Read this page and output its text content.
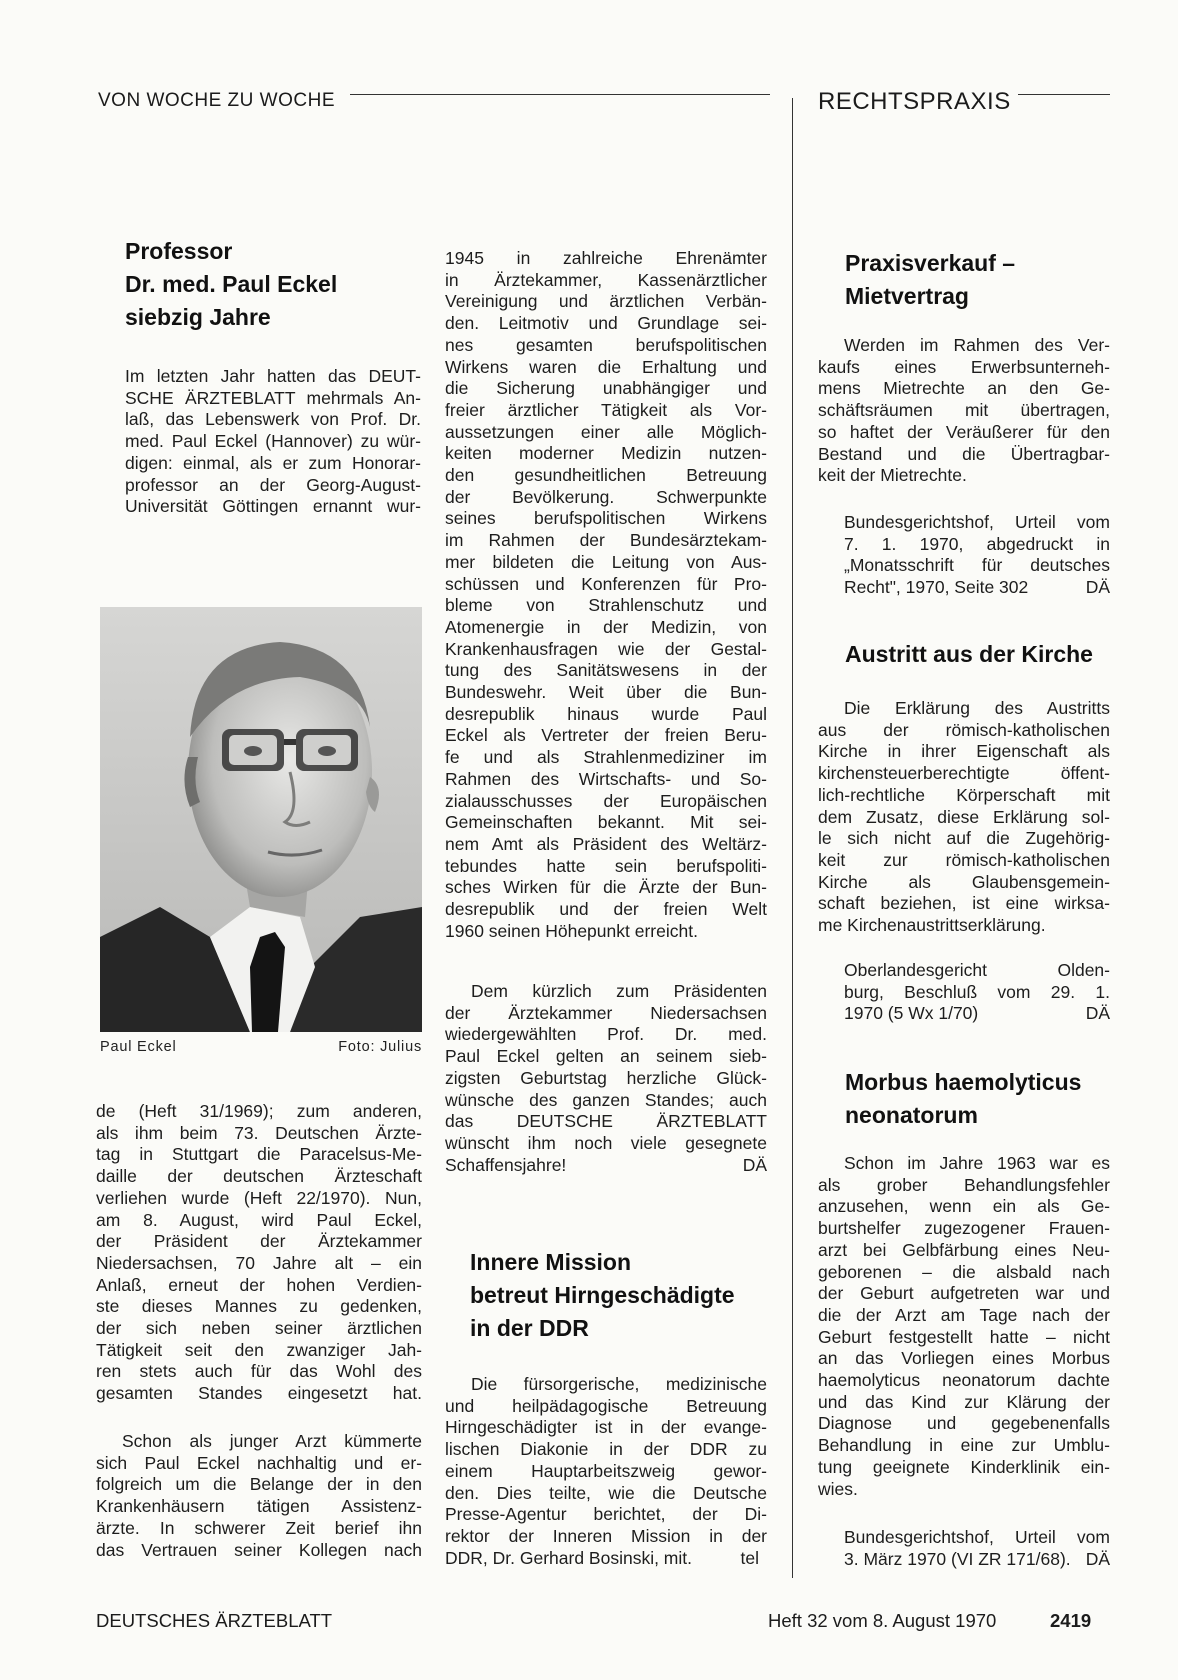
VON WOCHE ZU WOCHE	RECHTSPRAXIS
Professor
Dr. med. Paul Eckel
siebzig Jahre
Im letzten Jahr hatten das DEUT-
SCHE ÄRZTEBLATT mehrmals An-
laß, das Lebenswerk von Prof. Dr.
med. Paul Eckel (Hannover) zu wür-
digen: einmal, als er zum Honorar-
professor an der Georg-August-
Universität Göttingen ernannt wur-
Paul Eckel	Foto: Julius
de (Heft 31/1969); zum anderen,
als ihm beim 73. Deutschen Ärzte-
tag in Stuttgart die Paracelsus-Me-
daille der deutschen Ärzteschaft
verliehen wurde (Heft 22/1970). Nun,
am 8. August, wird Paul Eckel,
der Präsident der Ärztekammer
Niedersachsen, 70 Jahre alt – ein
Anlaß, erneut der hohen Verdien-
ste dieses Mannes zu gedenken,
der sich neben seiner ärztlichen
Tätigkeit seit den zwanziger Jah-
ren stets auch für das Wohl des
gesamten Standes eingesetzt hat.
Schon als junger Arzt kümmerte
sich Paul Eckel nachhaltig und er-
folgreich um die Belange der in den
Krankenhäusern tätigen Assistenz-
ärzte. In schwerer Zeit berief ihn
das Vertrauen seiner Kollegen nach
1945 in zahlreiche Ehrenämter
in Ärztekammer, Kassenärztlicher
Vereinigung und ärztlichen Verbän-
den. Leitmotiv und Grundlage sei-
nes gesamten berufspolitischen
Wirkens waren die Erhaltung und
die Sicherung unabhängiger und
freier ärztlicher Tätigkeit als Vor-
aussetzungen einer alle Möglich-
keiten moderner Medizin nutzen-
den gesundheitlichen Betreuung
der Bevölkerung. Schwerpunkte
seines berufspolitischen Wirkens
im Rahmen der Bundesärztekam-
mer bildeten die Leitung von Aus-
schüssen und Konferenzen für Pro-
bleme von Strahlenschutz und
Atomenergie in der Medizin, von
Krankenhausfragen wie der Gestal-
tung des Sanitätswesens in der
Bundeswehr. Weit über die Bun-
desrepublik hinaus wurde Paul
Eckel als Vertreter der freien Beru-
fe und als Strahlenmediziner im
Rahmen des Wirtschafts- und So-
zialausschusses der Europäischen
Gemeinschaften bekannt. Mit sei-
nem Amt als Präsident des Weltärz-
tebundes hatte sein berufspoliti-
sches Wirken für die Ärzte der Bun-
desrepublik und der freien Welt
1960 seinen Höhepunkt erreicht.
Dem kürzlich zum Präsidenten
der Ärztekammer Niedersachsen
wiedergewählten Prof. Dr. med.
Paul Eckel gelten an seinem sieb-
zigsten Geburtstag herzliche Glück-
wünsche des ganzen Standes; auch
das DEUTSCHE ÄRZTEBLATT
wünscht ihm noch viele gesegnete
Schaffensjahre!	DÄ
Innere Mission
betreut Hirngeschädigte
in der DDR
Die fürsorgerische, medizinische
und heilpädagogische Betreuung
Hirngeschädigter ist in der evange-
lischen Diakonie in der DDR zu
einem Hauptarbeitszweig gewor-
den. Dies teilte, wie die Deutsche
Presse-Agentur berichtet, der Di-
rektor der Inneren Mission in der
DDR, Dr. Gerhard Bosinski, mit.	tel
Praxisverkauf –
Mietvertrag
Werden im Rahmen des Ver-
kaufs eines Erwerbsunterneh-
mens Mietrechte an den Ge-
schäftsräumen mit übertragen,
so haftet der Veräußerer für den
Bestand und die Übertragbar-
keit der Mietrechte.
Bundesgerichtshof, Urteil vom
7. 1. 1970, abgedruckt in
„Monatsschrift für deutsches
Recht", 1970, Seite 302	DÄ
Austritt aus der Kirche
Die Erklärung des Austritts
aus der römisch-katholischen
Kirche in ihrer Eigenschaft als
kirchensteuerberechtigte öffent-
lich-rechtliche Körperschaft mit
dem Zusatz, diese Erklärung sol-
le sich nicht auf die Zugehörig-
keit zur römisch-katholischen
Kirche als Glaubensgemein-
schaft beziehen, ist eine wirksa-
me Kirchenaustrittserklärung.
Oberlandesgericht Olden-
burg, Beschluß vom 29. 1.
1970 (5 Wx 1/70)	DÄ
Morbus haemolyticus
neonatorum
Schon im Jahre 1963 war es
als grober Behandlungsfehler
anzusehen, wenn ein als Ge-
burtshelfer zugezogener Frauen-
arzt bei Gelbfärbung eines Neu-
geborenen – die alsbald nach
der Geburt aufgetreten war und
die der Arzt am Tage nach der
Geburt festgestellt hatte – nicht
an das Vorliegen eines Morbus
haemolyticus neonatorum dachte
und das Kind zur Klärung der
Diagnose und gegebenenfalls
Behandlung in eine zur Umblu-
tung geeignete Kinderklinik ein-
wies.
Bundesgerichtshof, Urteil vom
3. März 1970 (VI ZR 171/68). DÄ
DEUTSCHES ÄRZTEBLATT	Heft 32 vom 8. August 1970	2419
